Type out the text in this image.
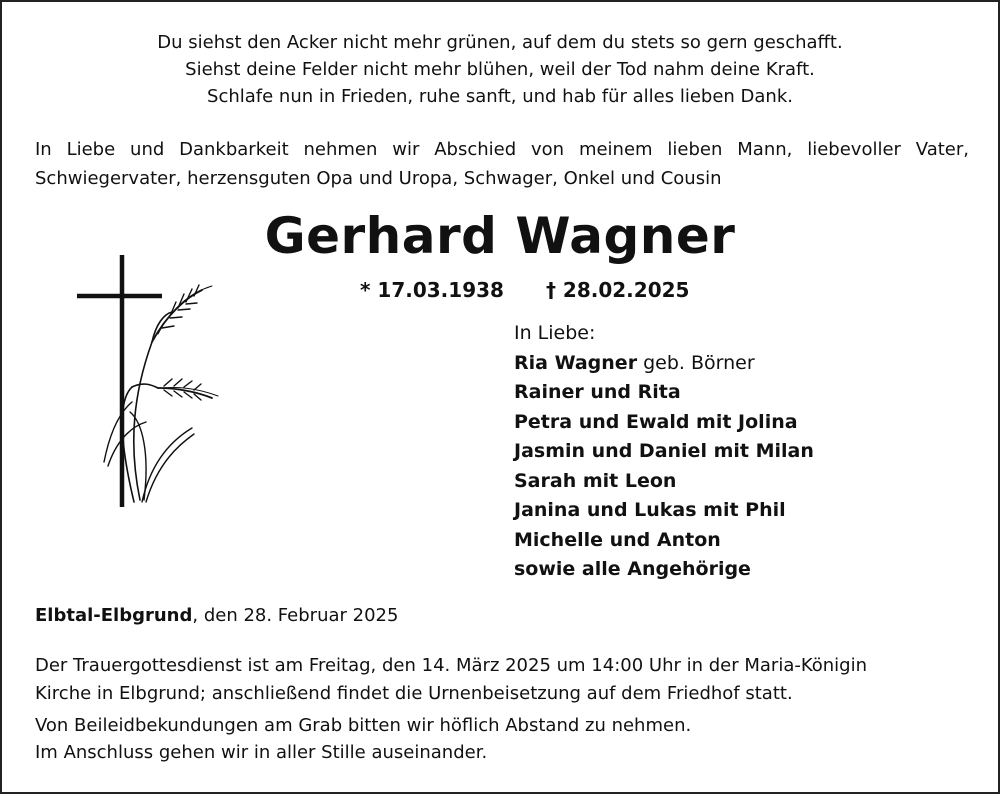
Du siehst den Acker nicht mehr grünen, auf dem du stets so gern geschafft.
Siehst deine Felder nicht mehr blühen, weil der Tod nahm deine Kraft.
Schlafe nun in Frieden, ruhe sanft, und hab für alles lieben Dank.
In Liebe und Dankbarkeit nehmen wir Abschied von meinem lieben Mann, liebevoller Vater,
Schwiegervater, herzensguten Opa und Uropa, Schwager, Onkel und Cousin
Gerhard Wagner
* 17.03.1938 † 28.02.2025
In Liebe:
Ria Wagner geb. Börner
Rainer und Rita
Petra und Ewald mit Jolina
Jasmin und Daniel mit Milan
Sarah mit Leon
Janina und Lukas mit Phil
Michelle und Anton
sowie alle Angehörige
Elbtal-Elbgrund, den 28. Februar 2025
Der Trauergottesdienst ist am Freitag, den 14. März 2025 um 14:00 Uhr in der Maria-Königin
Kirche in Elbgrund; anschließend findet die Urnenbeisetzung auf dem Friedhof statt.
Von Beileidbekundungen am Grab bitten wir höflich Abstand zu nehmen.
Im Anschluss gehen wir in aller Stille auseinander.
